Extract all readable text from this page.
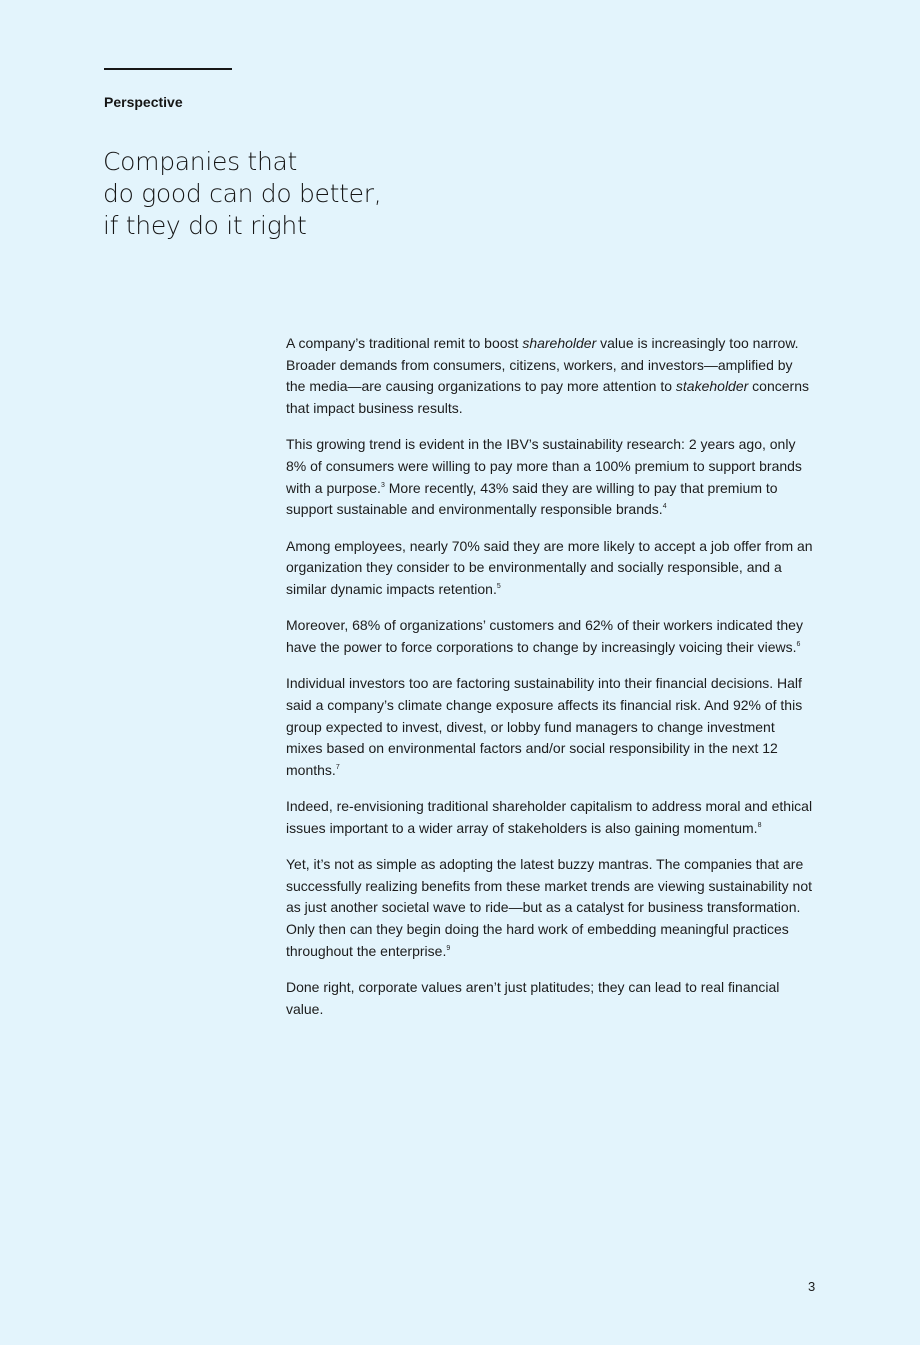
Perspective
Companies that
do good can do better,
if they do it right

A company’s traditional remit to boost shareholder value is increasingly too narrow. Broader demands from consumers, citizens, workers, and investors—amplified by the media—are causing organizations to pay more attention to stakeholder concerns that impact business results.

This growing trend is evident in the IBV’s sustainability research: 2 years ago, only 8% of consumers were willing to pay more than a 100% premium to support brands with a purpose.$^3$ More recently, 43% said they are willing to pay that premium to support sustainable and environmentally responsible brands.$^4$

Among employees, nearly 70% said they are more likely to accept a job offer from an organization they consider to be environmentally and socially responsible, and a similar dynamic impacts retention.$^5$

Moreover, 68% of organizations’ customers and 62% of their workers indicated they have the power to force corporations to change by increasingly voicing their views.$^6$

Individual investors too are factoring sustainability into their financial decisions. Half said a company’s climate change exposure affects its financial risk. And 92% of this group expected to invest, divest, or lobby fund managers to change investment mixes based on environmental factors and/or social responsibility in the next 12 months.$^7$

Indeed, re-envisioning traditional shareholder capitalism to address moral and ethical issues important to a wider array of stakeholders is also gaining momentum.$^8$

Yet, it’s not as simple as adopting the latest buzzy mantras. The companies that are successfully realizing benefits from these market trends are viewing sustainability not as just another societal wave to ride—but as a catalyst for business transformation. Only then can they begin doing the hard work of embedding meaningful practices throughout the enterprise.$^9$

Done right, corporate values aren’t just platitudes; they can lead to real financial value.

3
